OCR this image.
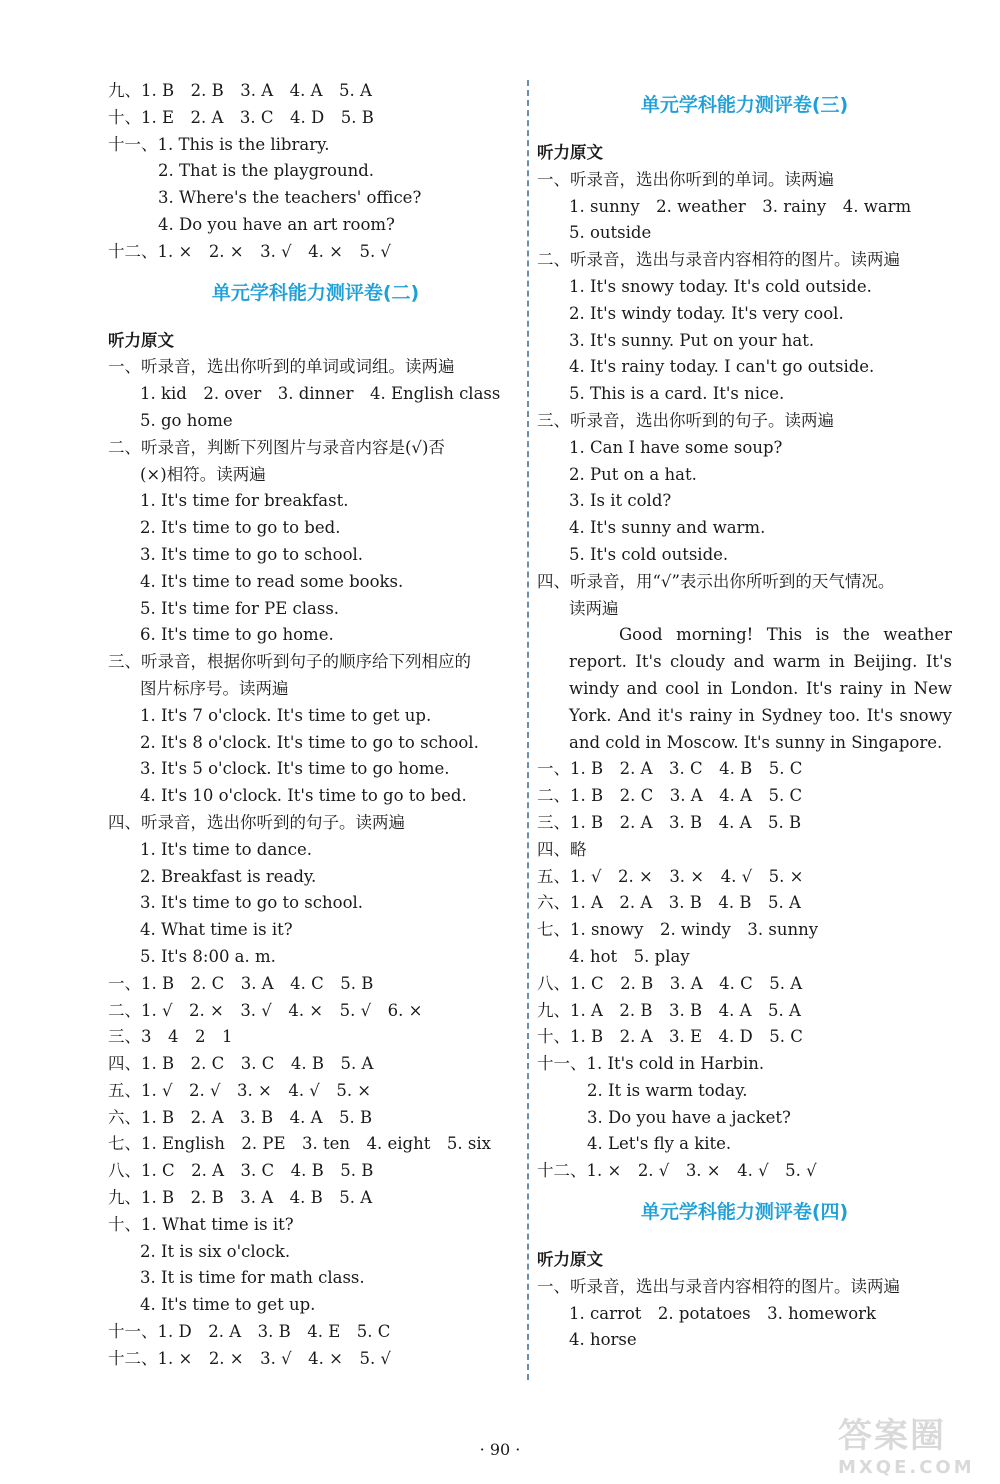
九、1. B　2. B　3. A　4. A　5. A
十、1. E　2. A　3. C　4. D　5. B
十一、1. This is the library.
2. That is the playground.
3. Where's the teachers' office?
4. Do you have an art room?
十二、1. ×　2. ×　3. √　4. ×　5. √
单元学科能力测评卷(二)
听力原文
一、听录音，选出你听到的单词或词组。读两遍
1. kid　2. over　3. dinner　4. English class
5. go home
二、听录音，判断下列图片与录音内容是(√)否
(×)相符。读两遍
1. It's time for breakfast.
2. It's time to go to bed.
3. It's time to go to school.
4. It's time to read some books.
5. It's time for PE class.
6. It's time to go home.
三、听录音，根据你听到句子的顺序给下列相应的
图片标序号。读两遍
1. It's 7 o'clock. It's time to get up.
2. It's 8 o'clock. It's time to go to school.
3. It's 5 o'clock. It's time to go home.
4. It's 10 o'clock. It's time to go to bed.
四、听录音，选出你听到的句子。读两遍
1. It's time to dance.
2. Breakfast is ready.
3. It's time to go to school.
4. What time is it?
5. It's 8:00 a. m.
一、1. B　2. C　3. A　4. C　5. B
二、1. √　2. ×　3. √　4. ×　5. √　6. ×
三、3　4　2　1
四、1. B　2. C　3. C　4. B　5. A
五、1. √　2. √　3. ×　4. √　5. ×
六、1. B　2. A　3. B　4. A　5. B
七、1. English　2. PE　3. ten　4. eight　5. six
八、1. C　2. A　3. C　4. B　5. B
九、1. B　2. B　3. A　4. B　5. A
十、1. What time is it?
2. It is six o'clock.
3. It is time for math class.
4. It's time to get up.
十一、1. D　2. A　3. B　4. E　5. C
十二、1. ×　2. ×　3. √　4. ×　5. √
单元学科能力测评卷(三)
听力原文
一、听录音，选出你听到的单词。读两遍
1. sunny　2. weather　3. rainy　4. warm
5. outside
二、听录音，选出与录音内容相符的图片。读两遍
1. It's snowy today. It's cold outside.
2. It's windy today. It's very cool.
3. It's sunny. Put on your hat.
4. It's rainy today. I can't go outside.
5. This is a card. It's nice.
三、听录音，选出你听到的句子。读两遍
1. Can I have some soup?
2. Put on a hat.
3. Is it cold?
4. It's sunny and warm.
5. It's cold outside.
四、听录音，用“√”表示出你所听到的天气情况。
读两遍
Good morning! This is the weather report. It's cloudy and warm in Beijing. It's windy and cool in London. It's rainy in New York. And it's rainy in Sydney too. It's snowy and cold in Moscow. It's sunny in Singapore.
一、1. B　2. A　3. C　4. B　5. C
二、1. B　2. C　3. A　4. A　5. C
三、1. B　2. A　3. B　4. A　5. B
四、略
五、1. √　2. ×　3. ×　4. √　5. ×
六、1. A　2. A　3. B　4. B　5. A
七、1. snowy　2. windy　3. sunny
4. hot　5. play
八、1. C　2. B　3. A　4. C　5. A
九、1. A　2. B　3. B　4. A　5. A
十、1. B　2. A　3. E　4. D　5. C
十一、1. It's cold in Harbin.
2. It is warm today.
3. Do you have a jacket?
4. Let's fly a kite.
十二、1. ×　2. √　3. ×　4. √　5. √
单元学科能力测评卷(四)
听力原文
一、听录音，选出与录音内容相符的图片。读两遍
1. carrot　2. potatoes　3. homework
4. horse
· 90 ·	答案圈
MXQE.COM
